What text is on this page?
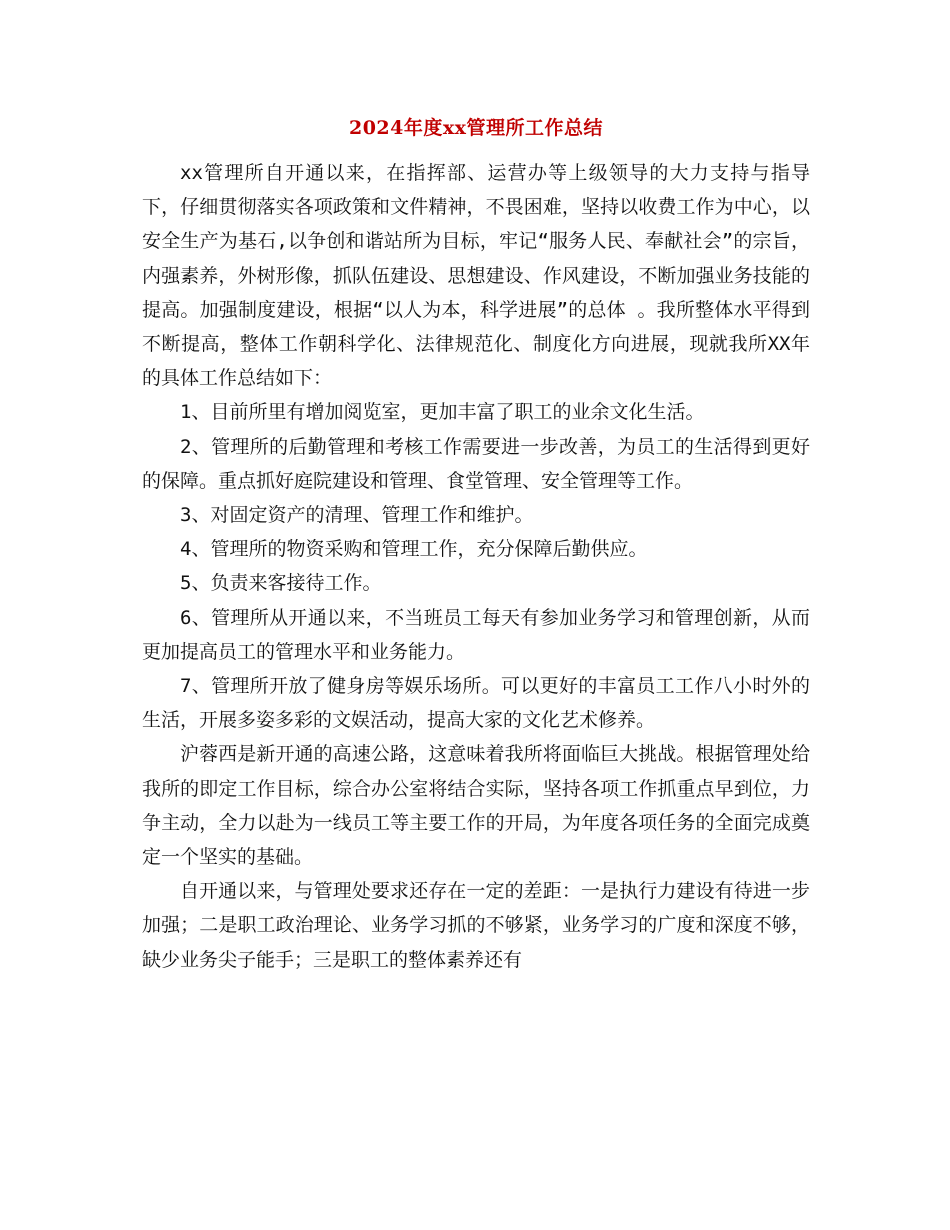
2024年度xx管理所工作总结

xx管理所自开通以来，在指挥部、运营办等上级领导的大力支持与指导下，仔细贯彻落实各项政策和文件精神，不畏困难，坚持以收费工作为中心，以安全生产为基石,以争创和谐站所为目标，牢记“服务人民、奉献社会”的宗旨，内强素养，外树形像，抓队伍建设、思想建设、作风建设，不断加强业务技能的提高。加强制度建设，根据“以人为本，科学进展”的总体 。我所整体水平得到不断提高，整体工作朝科学化、法律规范化、制度化方向进展，现就我所XX年的具体工作总结如下：

1、目前所里有增加阅览室，更加丰富了职工的业余文化生活。

2、管理所的后勤管理和考核工作需要进一步改善，为员工的生活得到更好的保障。重点抓好庭院建设和管理、食堂管理、安全管理等工作。

3、对固定资产的清理、管理工作和维护。

4、管理所的物资采购和管理工作，充分保障后勤供应。

5、负责来客接待工作。

6、管理所从开通以来，不当班员工每天有参加业务学习和管理创新，从而更加提高员工的管理水平和业务能力。

7、管理所开放了健身房等娱乐场所。可以更好的丰富员工工作八小时外的生活，开展多姿多彩的文娱活动，提高大家的文化艺术修养。

沪蓉西是新开通的高速公路，这意味着我所将面临巨大挑战。根据管理处给我所的即定工作目标，综合办公室将结合实际，坚持各项工作抓重点早到位，力争主动，全力以赴为一线员工等主要工作的开局，为年度各项任务的全面完成奠定一个坚实的基础。

自开通以来，与管理处要求还存在一定的差距：一是执行力建设有待进一步加强；二是职工政治理论、业务学习抓的不够紧，业务学习的广度和深度不够，缺少业务尖子能手；三是职工的整体素养还有
